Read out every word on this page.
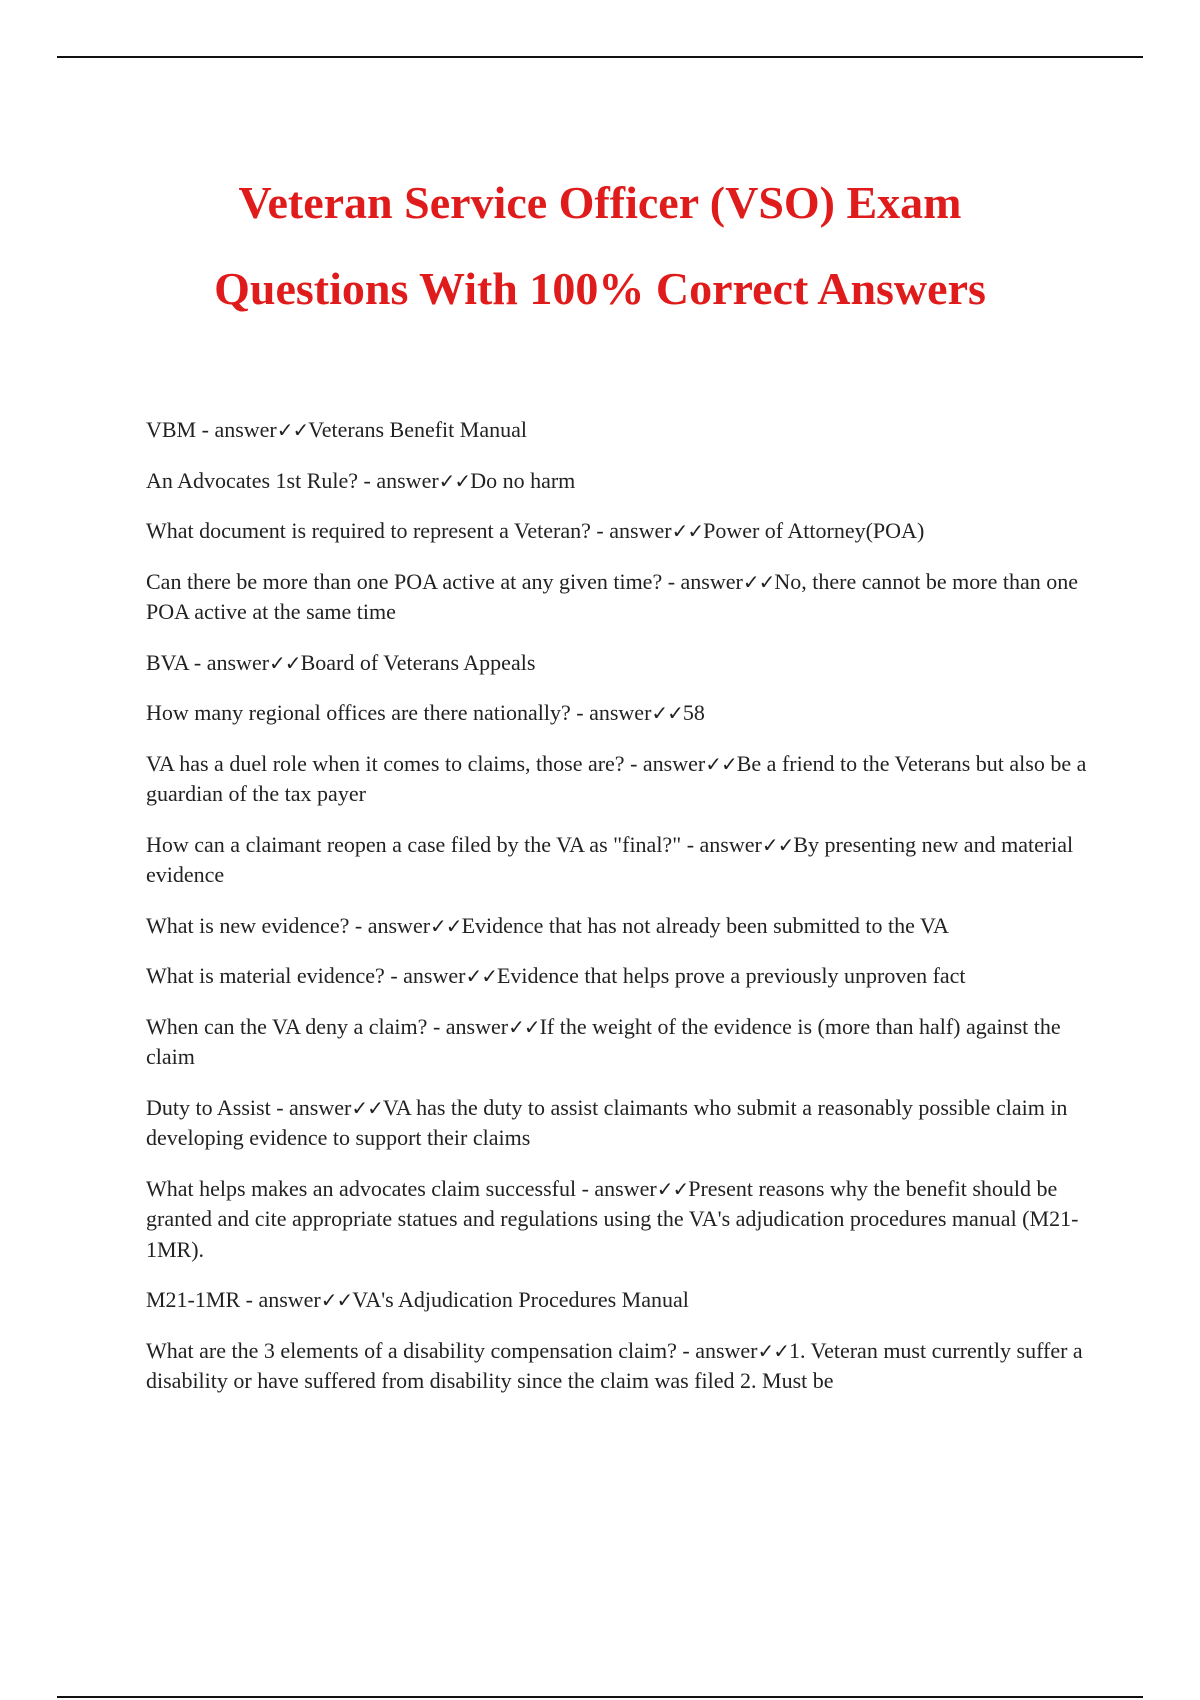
Veteran Service Officer (VSO) Exam
Questions With 100% Correct Answers
VBM - answer✓✓Veterans Benefit Manual
An Advocates 1st Rule? - answer✓✓Do no harm
What document is required to represent a Veteran? - answer✓✓Power of Attorney(POA)
Can there be more than one POA active at any given time? - answer✓✓No, there cannot be more than one POA active at the same time
BVA - answer✓✓Board of Veterans Appeals
How many regional offices are there nationally? - answer✓✓58
VA has a duel role when it comes to claims, those are? - answer✓✓Be a friend to the Veterans but also be a guardian of the tax payer
How can a claimant reopen a case filed by the VA as "final?" - answer✓✓By presenting new and material evidence
What is new evidence? - answer✓✓Evidence that has not already been submitted to the VA
What is material evidence? - answer✓✓Evidence that helps prove a previously unproven fact
When can the VA deny a claim? - answer✓✓If the weight of the evidence is (more than half) against the claim
Duty to Assist - answer✓✓VA has the duty to assist claimants who submit a reasonably possible claim in developing evidence to support their claims
What helps makes an advocates claim successful - answer✓✓Present reasons why the benefit should be granted and cite appropriate statues and regulations using the VA's adjudication procedures manual (M21-1MR).
M21-1MR - answer✓✓VA's Adjudication Procedures Manual
What are the 3 elements of a disability compensation claim? - answer✓✓1. Veteran must currently suffer a disability or have suffered from disability since the claim was filed 2. Must be
